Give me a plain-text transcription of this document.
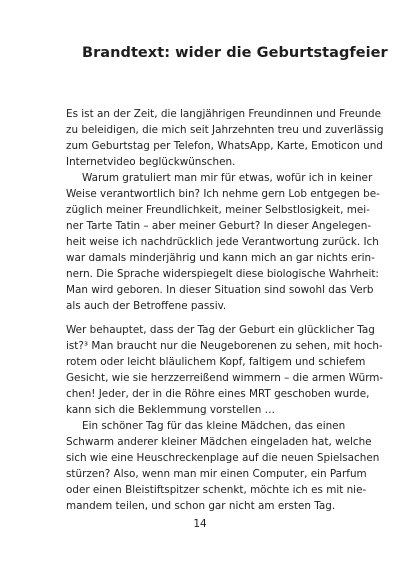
Brandtext: wider die Geburtstagfeier

Es ist an der Zeit, die langjährigen Freundinnen und Freunde

zu beleidigen, die mich seit Jahrzehnten treu und zuverlässig

zum Geburtstag per Telefon, WhatsApp, Karte, Emoticon und

Internetvideo beglückwünschen.

Warum gratuliert man mir für etwas, wofür ich in keiner

Weise verantwortlich bin? Ich nehme gern Lob entgegen be-

züglich meiner Freundlichkeit, meiner Selbstlosigkeit, mei-

ner Tarte Tatin – aber meiner Geburt? In dieser Angelegen-

heit weise ich nachdrücklich jede Verantwortung zurück. Ich

war damals minderjährig und kann mich an gar nichts erin-

nern. Die Sprache widerspiegelt diese biologische Wahrheit:

Man wird geboren. In dieser Situation sind sowohl das Verb

als auch der Betroffene passiv.

Wer behauptet, dass der Tag der Geburt ein glücklicher Tag

ist?³ Man braucht nur die Neugeborenen zu sehen, mit hoch-

rotem oder leicht bläulichem Kopf, faltigem und schiefem

Gesicht, wie sie herzzerreißend wimmern – die armen Würm-

chen! Jeder, der in die Röhre eines MRT geschoben wurde,

kann sich die Beklemmung vorstellen …

Ein schöner Tag für das kleine Mädchen, das einen

Schwarm anderer kleiner Mädchen eingeladen hat, welche

sich wie eine Heuschreckenplage auf die neuen Spielsachen

stürzen? Also, wenn man mir einen Computer, ein Parfum

oder einen Bleistiftspitzer schenkt, möchte ich es mit nie-

mandem teilen, und schon gar nicht am ersten Tag.

14
